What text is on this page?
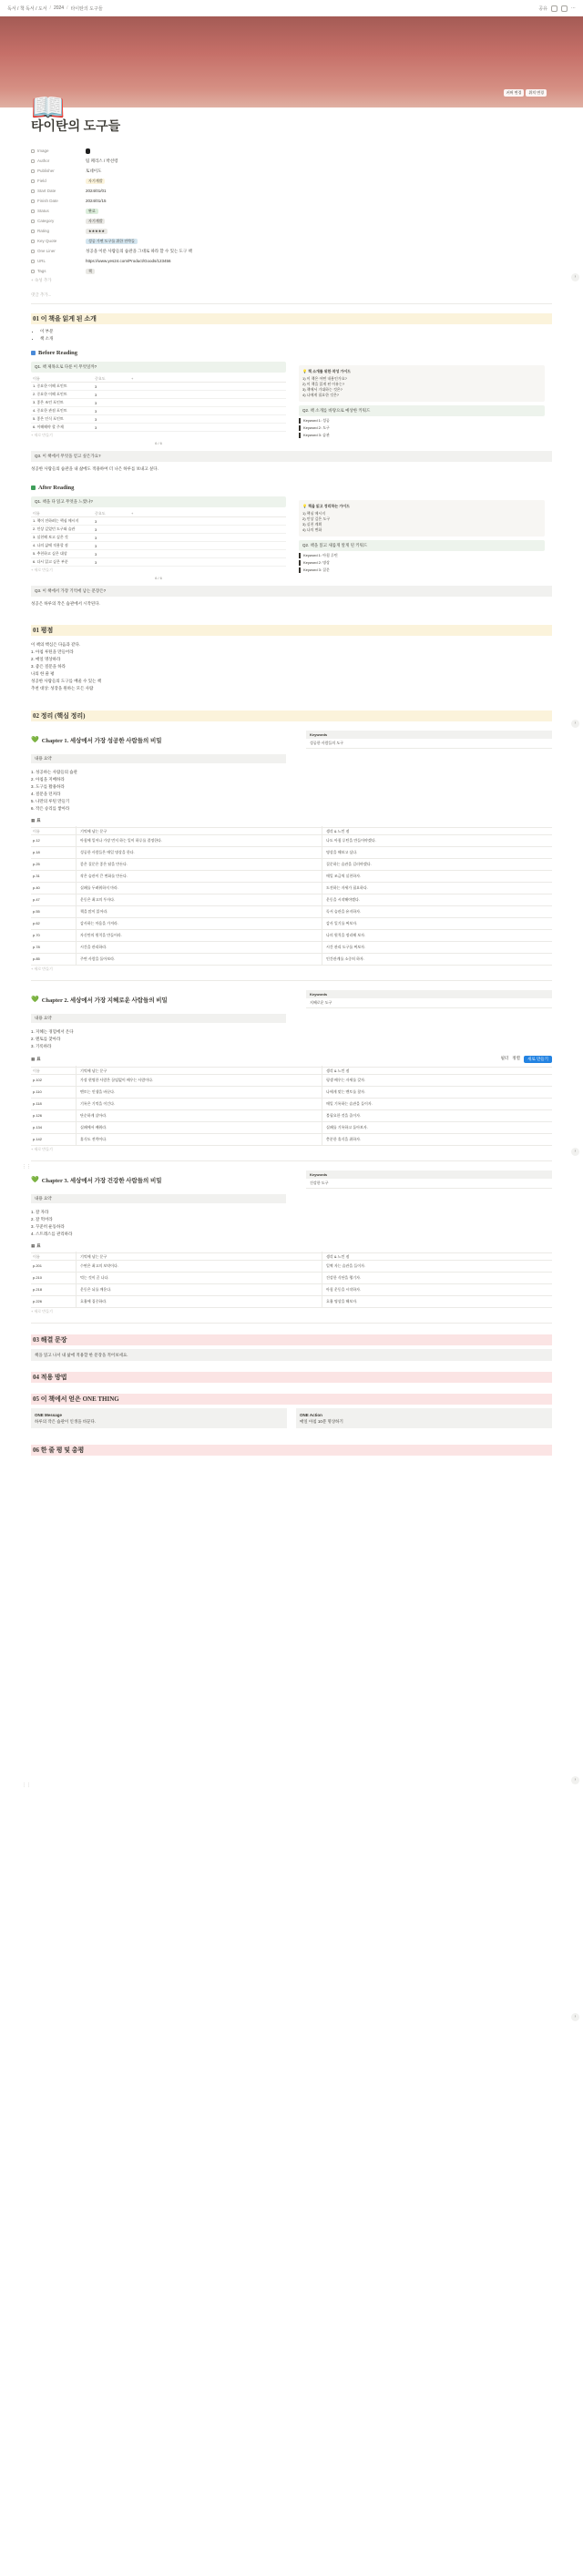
독서 / 책 독서 / 도서 / 2024 / 타이탄의 도구들	공유	⋯
커버 변경	위치 변경
📖
›
›
›
›
›
⋮⋮
⋮⋮
타이탄의 도구들
Image
Author	팀 페리스 / 박선령
Publisher	토네이도
Field	자기계발
Start Date	2024/01/01
Finish Date	2024/01/15
Status	완료
Category	자기계발
Rating	★★★★★
Key Quote	성공 가면 도구를 위한 전략들
One Liner	성공을 이룬 사람들의 습관을 그대로 따라 할 수 있는 도구 책
URL	https://www.yes24.com/Product/Goods/123456
Tags	책
+ 속성 추가
댓글 추가...
01 이 책을 읽게 된 소개
• 이 부분
• 책 소개
Before Reading
Q1. 책 제목으로 다룬 이 무엇일까?
이름	중요도	+
1. 중요한 이해 포인트	3
2. 중요한 이해 포인트	3
3. 좋은 조언 포인트	3
4. 중요한 관점 포인트	3
5. 좋은 인식 포인트	3
6. 이해해야 할 주제	3
+ 새로 만들기
6 / 6
💡 책 소개를 위한 작성 가이드
1) 이 책은 어떤 내용인가요?
2) 이 책을 읽게 된 이유는?
3) 책에서 기대하는 것은?
4) 나에게 필요한 것은?
Q2. 책 소개를 바탕으로 예상한 키워드
Keyword 1: 성공
Keyword 2: 도구
Keyword 3: 습관
Q3. 이 책에서 무엇을 얻고 싶은가요?
성공한 사람들의 습관을 내 삶에도 적용하여 더 나은 하루를 보내고 싶다.
After Reading
Q1. 책을 다 읽고 무엇을 느꼈나?
이름	중요도	+
1. 책이 전하려는 핵심 메시지	3
2. 인상 깊었던 도구와 습관	3
3. 실천해 보고 싶은 것	3
4. 나의 삶에 적용할 점	3
5. 추천하고 싶은 대상	3
6. 다시 읽고 싶은 부분	3
+ 새로 만들기
6 / 6
💡 책을 읽고 정리하는 가이드
1) 핵심 메시지
2) 인상 깊은 도구
3) 실천 계획
4) 나의 변화
Q2. 책을 읽고 새롭게 알게 된 키워드
Keyword 1: 아침 루틴
Keyword 2: 명상
Keyword 3: 질문
Q3. 이 책에서 가장 기억에 남는 문장은?
성공은 하루의 작은 습관에서 시작된다.
01 평점
이 책의 핵심은 다음과 같다.
1. 아침 루틴을 만들어라
2. 매일 명상하라
3. 좋은 질문을 하라
나의 한 줄 평
성공한 사람들의 도구를 배울 수 있는 책
추천 대상: 성장을 원하는 모든 사람
02 정리 (핵심 정리)
💚 Chapter 1. 세상에서 가장 성공한 사람들의 비밀
Keywords
성공한 사람들의 도구
내용 요약
1. 성공하는 사람들의 습관
2. 아침을 지배하라
3. 도구를 활용하라
4. 질문을 던져라
5. 나만의 루틴 만들기
6. 작은 승리를 쌓아라
▦ 표
이름	기억에 남는 문구	생각 & 느낀 점
p.12	아침에 일어나 가장 먼저 하는 일이 하루를 결정한다.	나도 아침 루틴을 만들어야겠다.
p.18	성공한 사람들은 매일 명상을 한다.	명상을 해보고 싶다.
p.25	좋은 질문은 좋은 답을 만든다.	질문하는 습관을 길러야겠다.
p.31	작은 습관이 큰 변화를 만든다.	매일 조금씩 실천하자.
p.40	실패를 두려워하지 마라.	도전하는 자세가 필요하다.
p.47	운동은 최고의 투자다.	운동을 시작해야겠다.
p.55	책을 많이 읽어라.	독서 습관을 유지하자.
p.62	감사하는 마음을 가져라.	감사 일기를 써보자.
p.70	자신만의 원칙을 만들어라.	나의 원칙을 정리해 보자.
p.78	시간을 관리하라.	시간 관리 도구를 써보자.
p.85	주변 사람을 돌아보라.	인간관계를 소중히 하자.
+ 새로 만들기
💚 Chapter 2. 세상에서 가장 지혜로운 사람들의 비밀
Keywords
지혜로운 도구
내용 요약
1. 지혜는 경험에서 온다
2. 멘토를 찾아라
3. 기록하라
▦ 표	필터 정렬	새로 만들기
이름	기억에 남는 문구	생각 & 느낀 점
p.102	가장 현명한 사람은 끊임없이 배우는 사람이다.	평생 배우는 자세를 갖자.
p.110	멘토는 인생을 바꾼다.	나에게 맞는 멘토를 찾자.
p.118	기록은 기억을 이긴다.	매일 기록하는 습관을 들이자.
p.126	단순하게 살아라.	불필요한 것을 줄이자.
p.134	실패에서 배워라.	실패를 기록하고 돌아보자.
p.142	휴식도 전략이다.	충분한 휴식을 취하자.
+ 새로 만들기
💚 Chapter 3. 세상에서 가장 건강한 사람들의 비밀
Keywords
건강한 도구
내용 요약
1. 잘 자라
2. 잘 먹어라
3. 꾸준히 운동하라
4. 스트레스를 관리하라
▦ 표
이름	기억에 남는 문구	생각 & 느낀 점
p.201	수면은 최고의 보약이다.	일찍 자는 습관을 들이자.
p.210	먹는 것이 곧 나다.	건강한 식단을 챙기자.
p.218	운동은 뇌를 깨운다.	아침 운동을 시작하자.
p.226	호흡에 집중하라.	호흡 명상을 해보자.
+ 새로 만들기
03 해결 문장
책을 읽고 나서 내 삶에 적용할 한 문장을 적어보세요.
04 적용 방법
05 이 책에서 얻은 ONE THING
ONE Message
하루의 작은 습관이 인생을 바꾼다.
ONE Action
매일 아침 10분 명상하기
06 한 줄 평 및 총평
